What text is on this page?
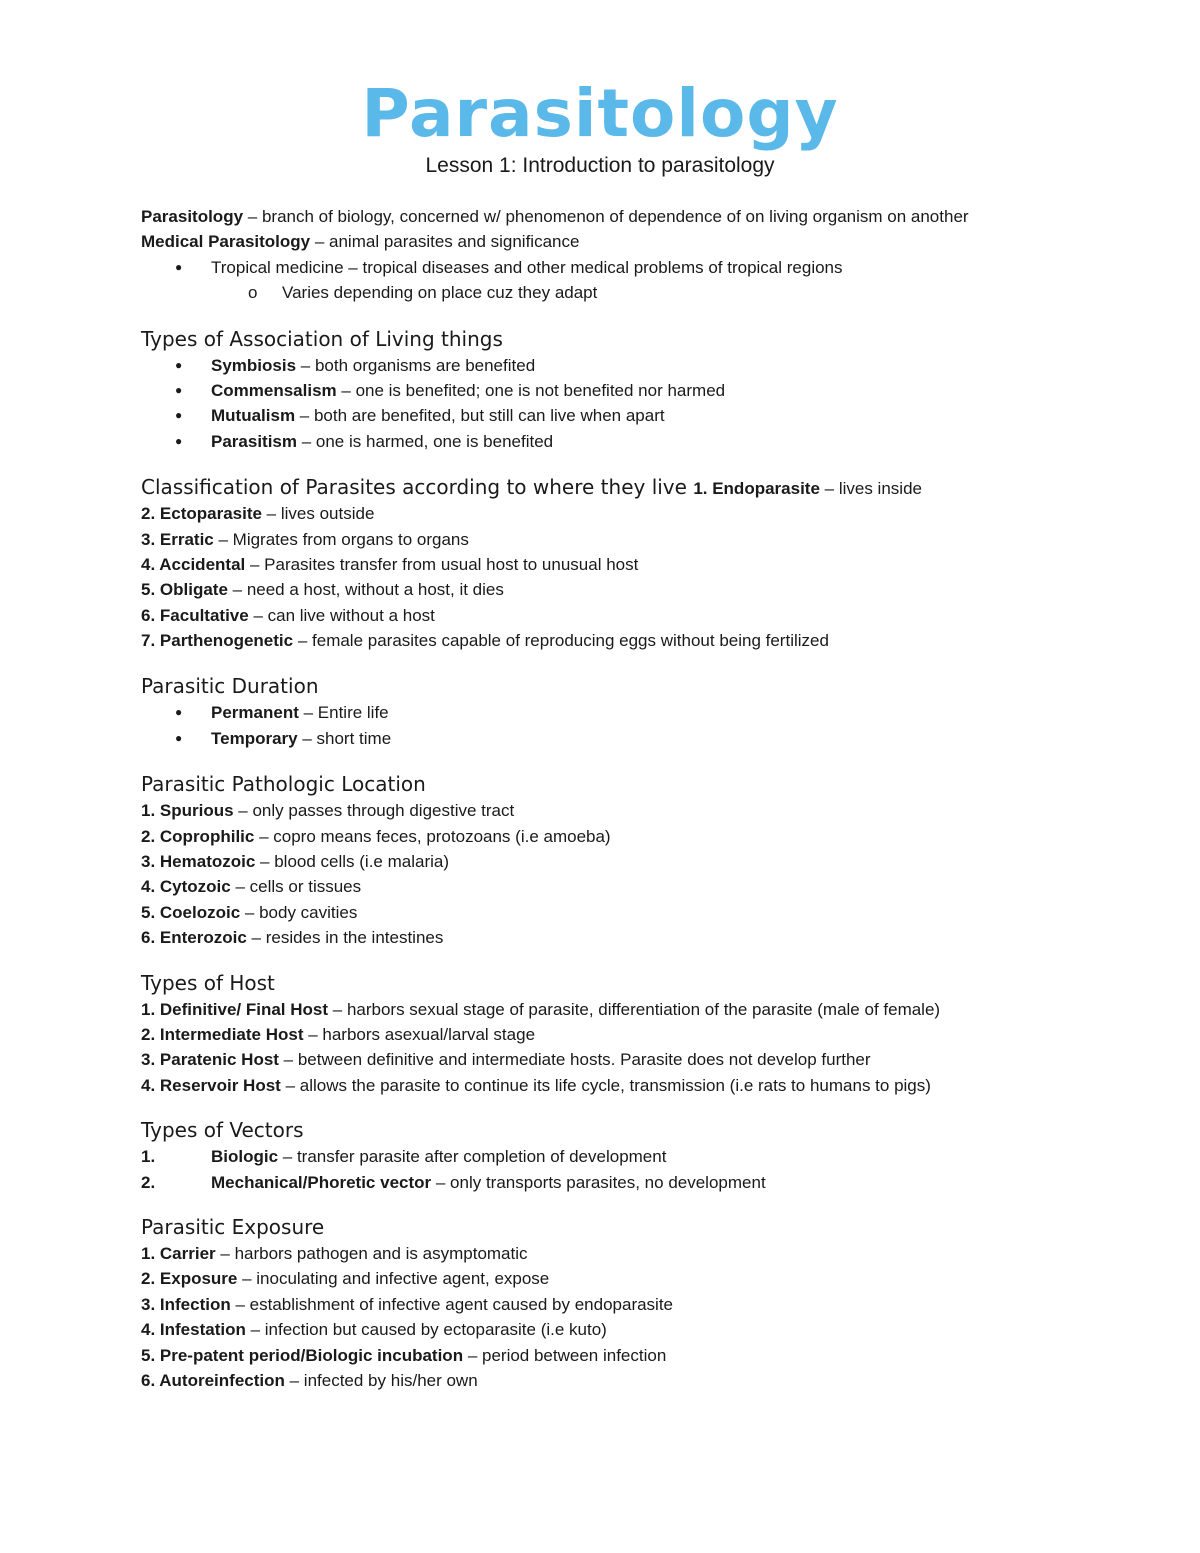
Parasitology
Lesson 1: Introduction to parasitology
Parasitology – branch of biology, concerned w/ phenomenon of dependence of on living organism on another
Medical Parasitology – animal parasites and significance
● Tropical medicine – tropical diseases and other medical problems of tropical regions
o Varies depending on place cuz they adapt
Types of Association of Living things
● Symbiosis – both organisms are benefited
● Commensalism – one is benefited; one is not benefited nor harmed
● Mutualism – both are benefited, but still can live when apart
● Parasitism – one is harmed, one is benefited
Classification of Parasites according to where they live 1. Endoparasite – lives inside
2. Ectoparasite – lives outside
3. Erratic – Migrates from organs to organs
4. Accidental – Parasites transfer from usual host to unusual host
5. Obligate – need a host, without a host, it dies
6. Facultative – can live without a host
7. Parthenogenetic – female parasites capable of reproducing eggs without being fertilized
Parasitic Duration
● Permanent – Entire life
● Temporary – short time
Parasitic Pathologic Location
1. Spurious – only passes through digestive tract
2. Coprophilic – copro means feces, protozoans (i.e amoeba)
3. Hematozoic – blood cells (i.e malaria)
4. Cytozoic – cells or tissues
5. Coelozoic – body cavities
6. Enterozoic – resides in the intestines
Types of Host
1. Definitive/ Final Host – harbors sexual stage of parasite, differentiation of the parasite (male of female)
2. Intermediate Host – harbors asexual/larval stage
3. Paratenic Host – between definitive and intermediate hosts. Parasite does not develop further
4. Reservoir Host – allows the parasite to continue its life cycle, transmission (i.e rats to humans to pigs)
Types of Vectors
1.	Biologic – transfer parasite after completion of development
2.	Mechanical/Phoretic vector – only transports parasites, no development
Parasitic Exposure
1. Carrier – harbors pathogen and is asymptomatic
2. Exposure – inoculating and infective agent, expose
3. Infection – establishment of infective agent caused by endoparasite
4. Infestation – infection but caused by ectoparasite (i.e kuto)
5. Pre-patent period/Biologic incubation – period between infection
6. Autoreinfection – infected by his/her own
